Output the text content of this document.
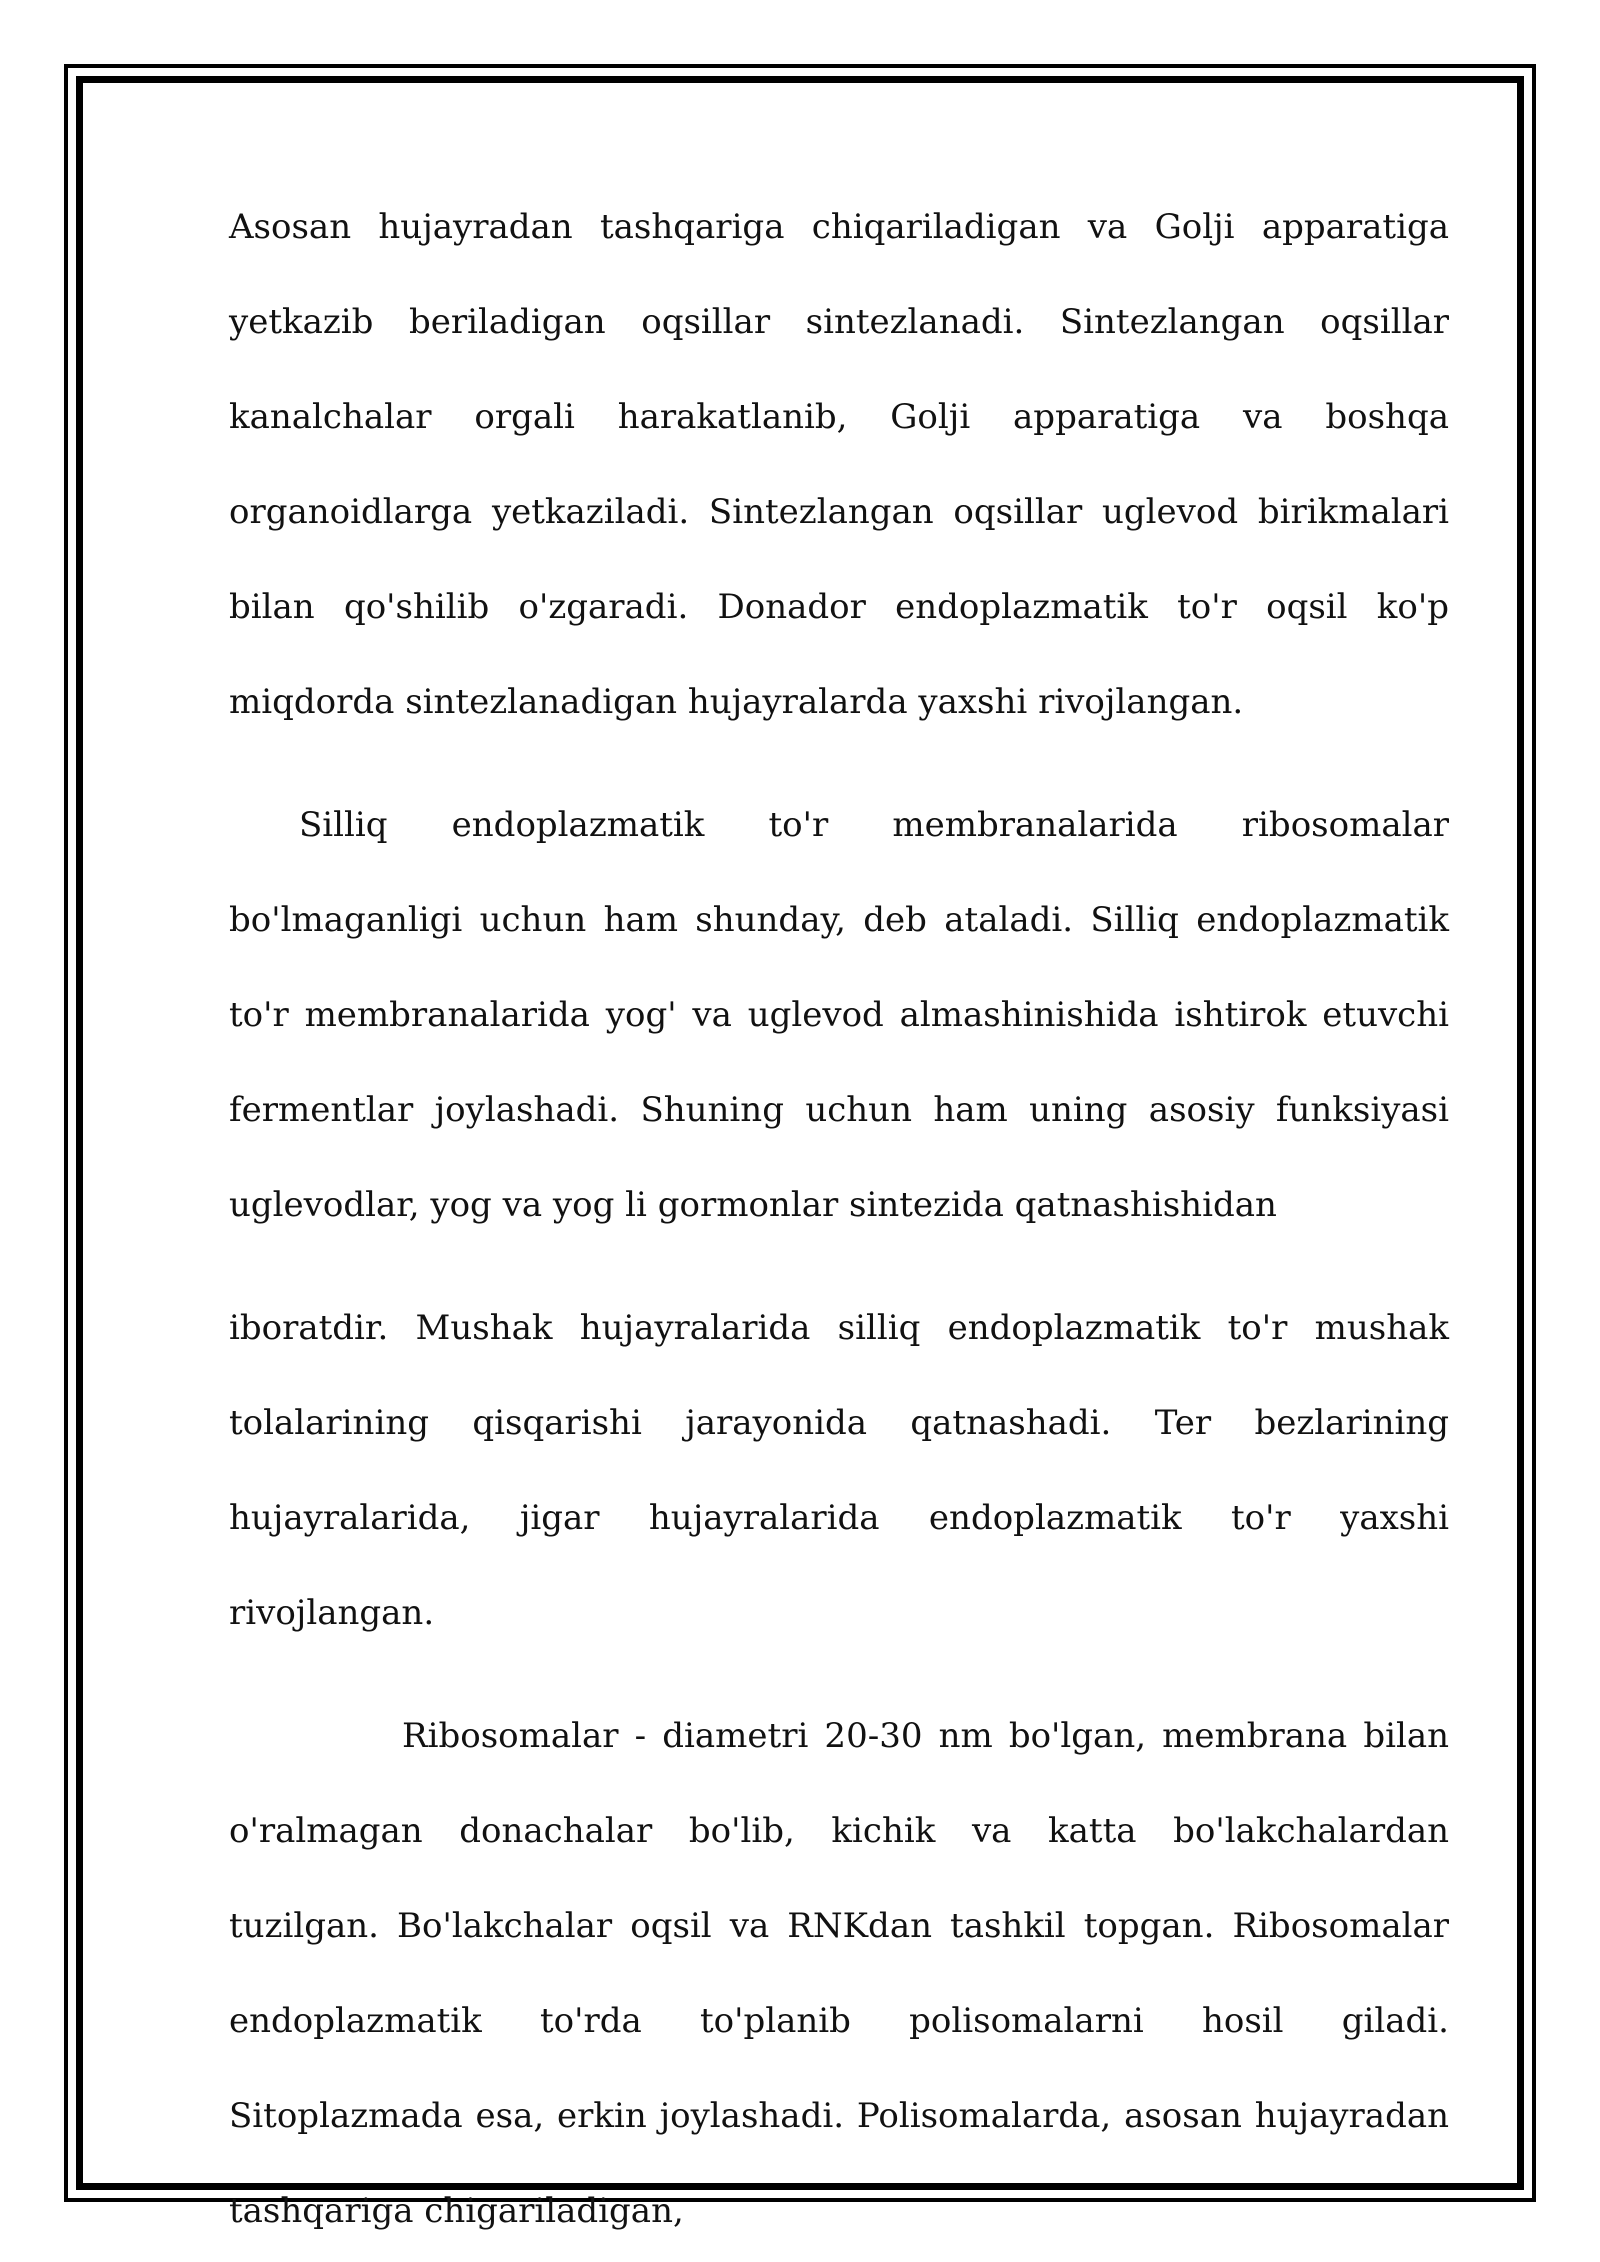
Asosan hujayradan tashqariga chiqariladigan va Golji apparatiga yetkazib beriladigan oqsillar sintezlanadi. Sintezlangan oqsillar kanalchalar orgali harakatlanib, Golji apparatiga va boshqa organoidlarga yetkaziladi. Sintezlangan oqsillar uglevod birikmalari bilan qo'shilib o'zgaradi. Donador endoplazmatik to'r oqsil ko'p miqdorda sintezlanadigan hujayralarda yaxshi rivojlangan.

Silliq endoplazmatik to'r membranalarida ribosomalar bo'lmaganligi uchun ham shunday, deb ataladi. Silliq endoplazmatik to'r membranalarida yog' va uglevod almashinishida ishtirok etuvchi fermentlar joylashadi. Shuning uchun ham uning asosiy funksiyasi uglevodlar, yog va yog li gormonlar sintezida qatnashishidan

iboratdir. Mushak hujayralarida silliq endoplazmatik to'r mushak tolalarining qisqarishi jarayonida qatnashadi. Ter bezlarining hujayralarida, jigar hujayralarida endoplazmatik to'r yaxshi rivojlangan.

Ribosomalar - diametri 20-30 nm bo'lgan, membrana bilan o'ralmagan donachalar bo'lib, kichik va katta bo'lakchalardan tuzilgan. Bo'lakchalar oqsil va RNKdan tashkil topgan. Ribosomalar endoplazmatik to'rda to'planib polisomalarni hosil giladi. Sitoplazmada esa, erkin joylashadi. Polisomalarda, asosan hujayradan tashqariga chigariladigan,
